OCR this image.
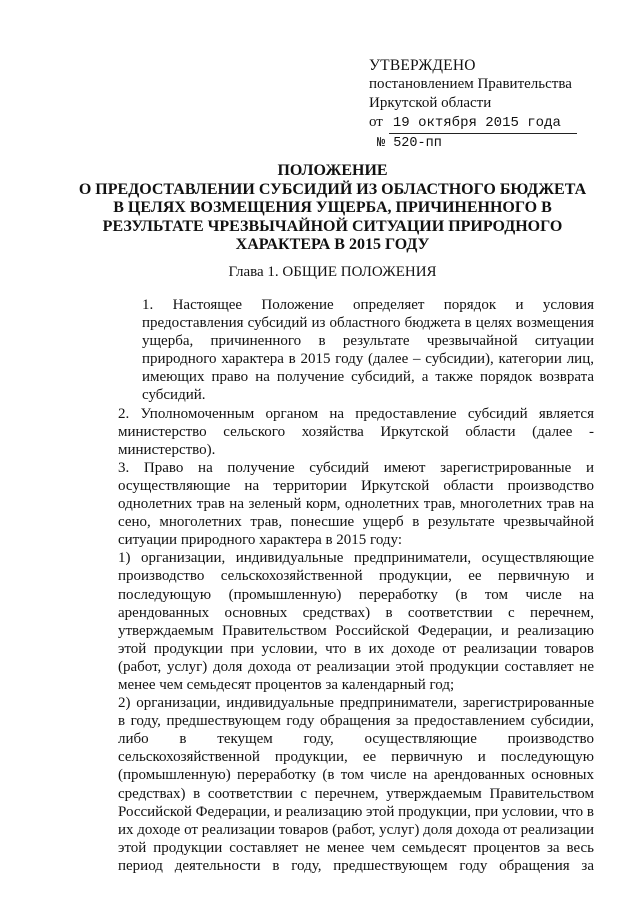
УТВЕРЖДЕНО
постановлением Правительства
Иркутской области
от 19 октября 2015 года
№ 520-пп
ПОЛОЖЕНИЕ
О ПРЕДОСТАВЛЕНИИ СУБСИДИЙ ИЗ ОБЛАСТНОГО БЮДЖЕТА
В ЦЕЛЯХ ВОЗМЕЩЕНИЯ УЩЕРБА, ПРИЧИНЕННОГО В
РЕЗУЛЬТАТЕ ЧРЕЗВЫЧАЙНОЙ СИТУАЦИИ ПРИРОДНОГО
ХАРАКТЕРА В 2015 ГОДУ
Глава 1. ОБЩИЕ ПОЛОЖЕНИЯ

1. Настоящее Положение определяет порядок и условия предоставления субсидий из областного бюджета в целях возмещения ущерба, причиненного в результате чрезвычайной ситуации природного характера в 2015 году (далее – субсидии), категории лиц, имеющих право на получение субсидий, а также порядок возврата субсидий.

2. Уполномоченным органом на предоставление субсидий является министерство сельского хозяйства Иркутской области (далее - министерство).

3. Право на получение субсидий имеют зарегистрированные и осуществляющие на территории Иркутской области производство однолетних трав на зеленый корм, однолетних трав, многолетних трав на сено, многолетних трав, понесшие ущерб в результате чрезвычайной ситуации природного характера в 2015 году:

1) организации, индивидуальные предприниматели, осуществляющие производство сельскохозяйственной продукции, ее первичную и последующую (промышленную) переработку (в том числе на арендованных основных средствах) в соответствии с перечнем, утверждаемым Правительством Российской Федерации, и реализацию этой продукции при условии, что в их доходе от реализации товаров (работ, услуг) доля дохода от реализации этой продукции составляет не менее чем семьдесят процентов за календарный год;

2) организации, индивидуальные предприниматели, зарегистрированные в году, предшествующем году обращения за предоставлением субсидии, либо в текущем году, осуществляющие производство сельскохозяйственной продукции, ее первичную и последующую (промышленную) переработку (в том числе на арендованных основных средствах) в соответствии с перечнем, утверждаемым Правительством Российской Федерации, и реализацию этой продукции, при условии, что в их доходе от реализации товаров (работ, услуг) доля дохода от реализации этой продукции составляет не менее чем семьдесят процентов за весь период деятельности в году, предшествующем году обращения за
